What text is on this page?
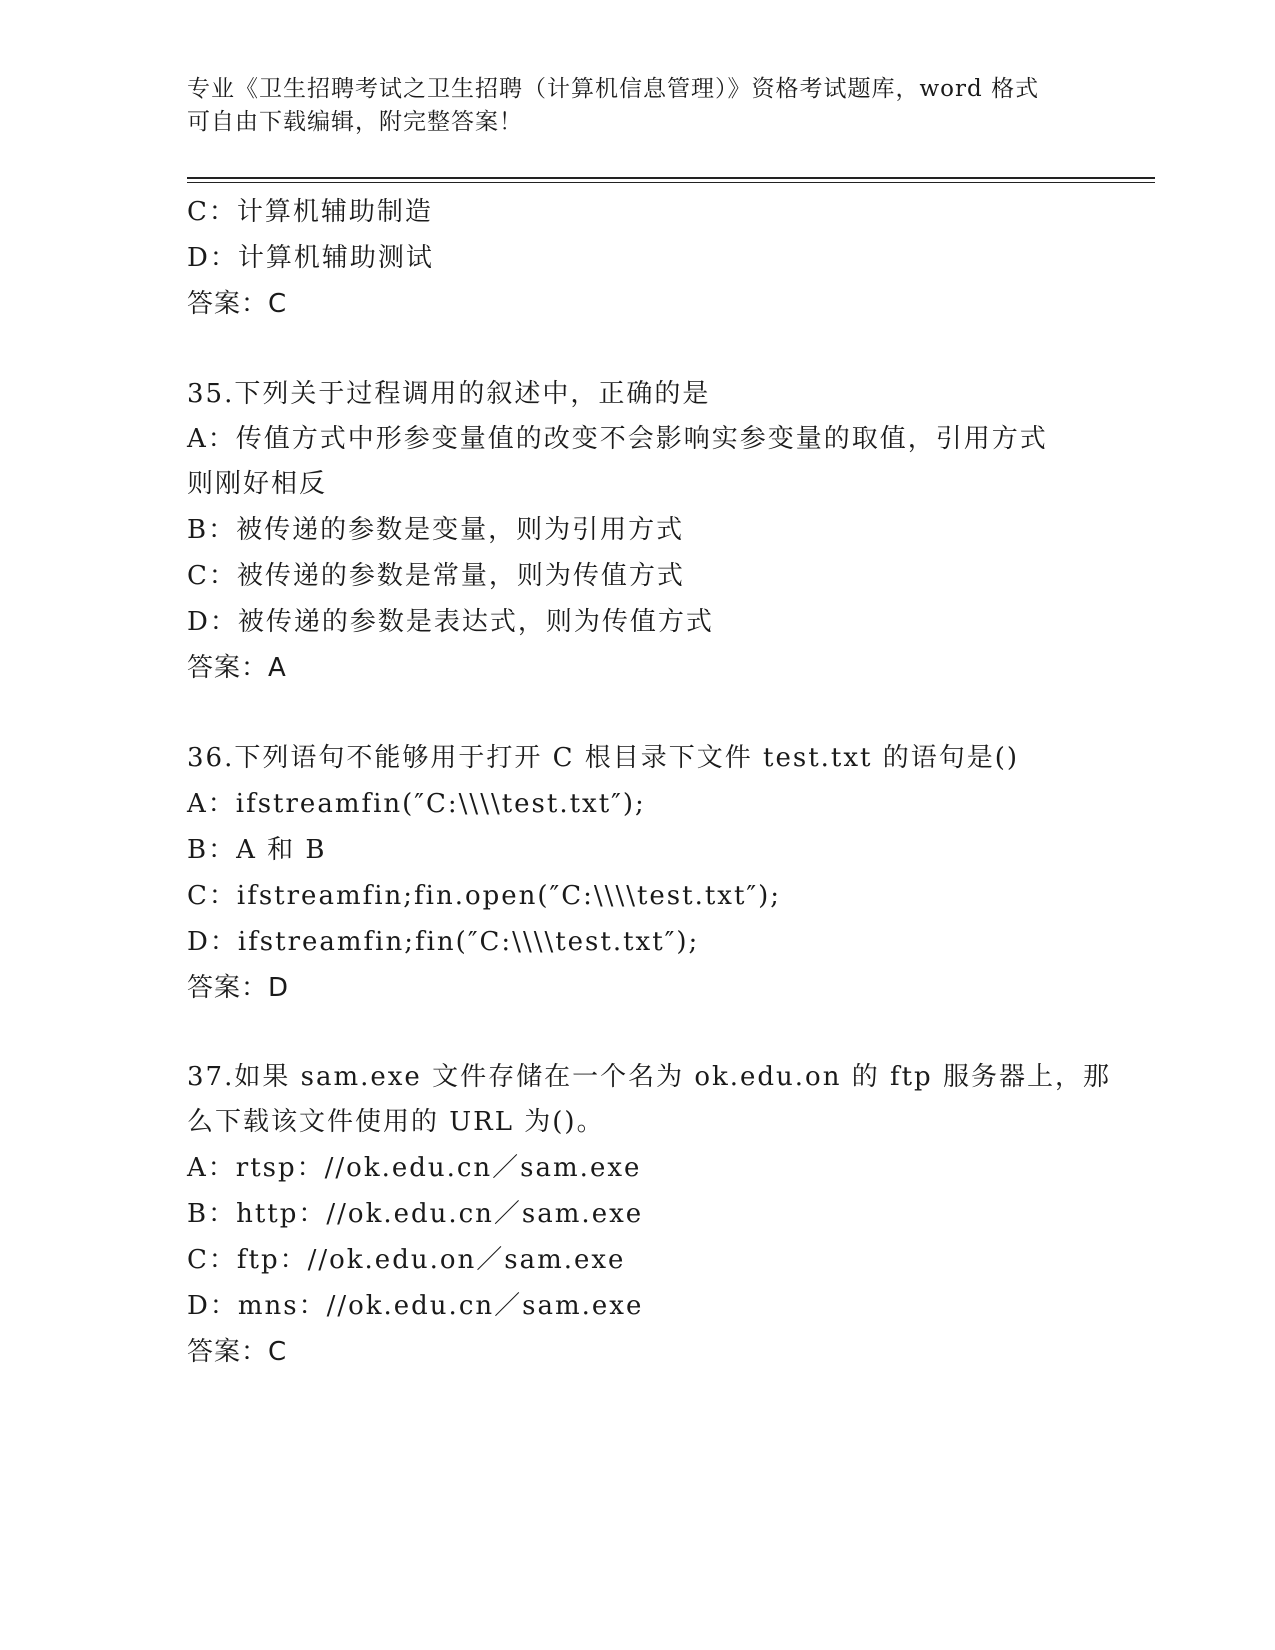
专业《卫生招聘考试之卫生招聘（计算机信息管理）》资格考试题库，word 格式
可自由下载编辑，附完整答案！
C：计算机辅助制造
D：计算机辅助测试
答案：C
35.下列关于过程调用的叙述中，正确的是
A：传值方式中形参变量值的改变不会影响实参变量的取值，引用方式
则刚好相反
B：被传递的参数是变量，则为引用方式
C：被传递的参数是常量，则为传值方式
D：被传递的参数是表达式，则为传值方式
答案：A
36.下列语句不能够用于打开 C 根目录下文件 test.txt 的语句是()
A：ifstreamfin(″C:\\\\test.txt″);
B：A 和 B
C：ifstreamfin;fin.open(″C:\\\\test.txt″);
D：ifstreamfin;fin(″C:\\\\test.txt″);
答案：D
37.如果 sam.exe 文件存储在一个名为 ok.edu.on 的 ftp 服务器上，那
么下载该文件使用的 URL 为()。
A：rtsp：//ok.edu.cn／sam.exe
B：http：//ok.edu.cn／sam.exe
C：ftp：//ok.edu.on／sam.exe
D：mns：//ok.edu.cn／sam.exe
答案：C
